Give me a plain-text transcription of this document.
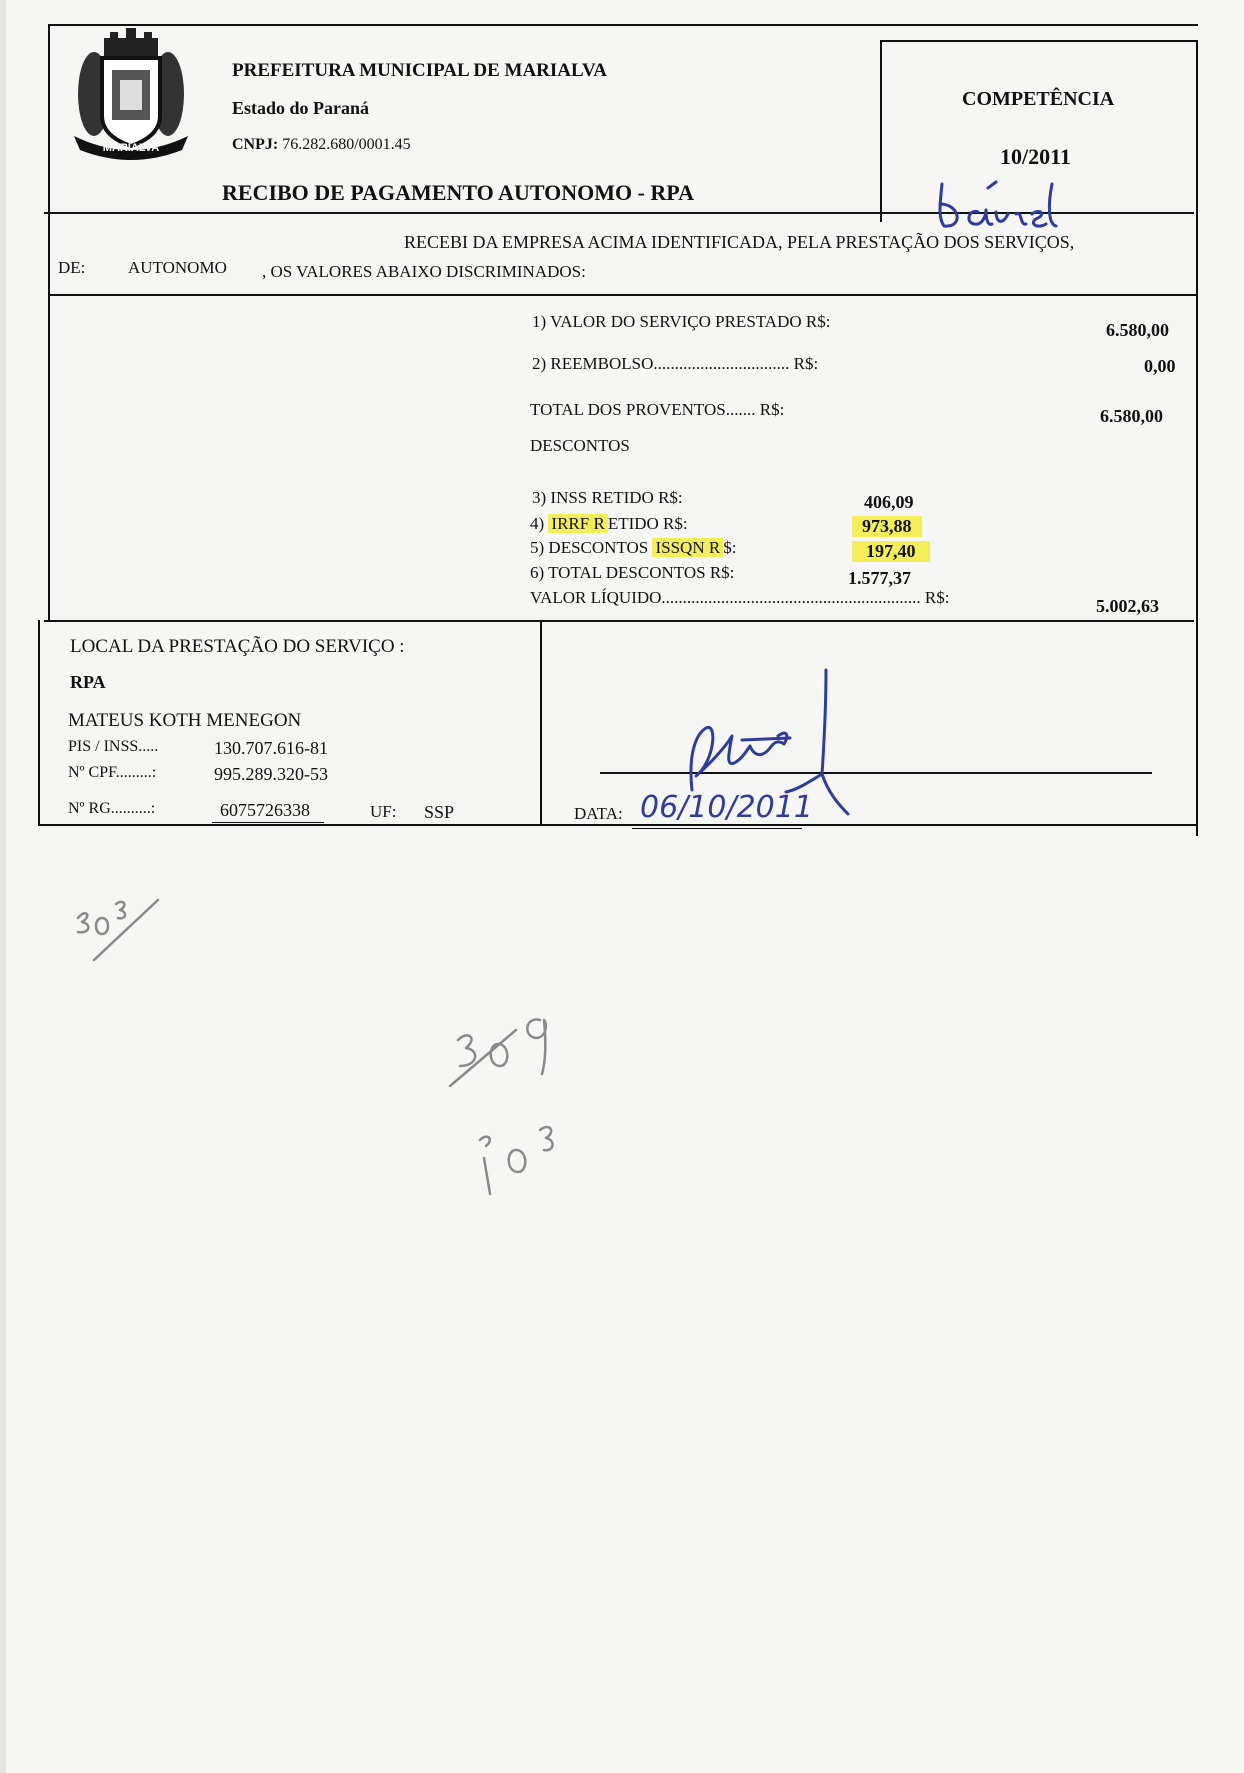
MARIALVA
PREFEITURA MUNICIPAL DE MARIALVA
Estado do Paraná
CNPJ: 76.282.680/0001.45
RECIBO DE PAGAMENTO AUTONOMO - RPA
COMPETÊNCIA
10/2011
RECEBI DA EMPRESA ACIMA IDENTIFICADA, PELA PRESTAÇÃO DOS SERVIÇOS,
DE:	AUTONOMO , OS VALORES ABAIXO DISCRIMINADOS:
1) VALOR DO SERVIÇO PRESTADO R$:	6.580,00
2) REEMBOLSO................................ R$:	0,00
TOTAL DOS PROVENTOS....... R$:	6.580,00
DESCONTOS
3) INSS RETIDO R$:	406,09
4) IRRF R ETIDO R$:	973,88
5) DESCONTOS ISSQN R $:	197,40
6) TOTAL DESCONTOS R$:	1.577,37
VALOR LÍQUIDO............................................................. R$:	5.002,63
LOCAL DA PRESTAÇÃO DO SERVIÇO :
RPA
MATEUS KOTH MENEGON
PIS / INSS.....	130.707.616-81
Nº CPF.........:	995.289.320-53
Nº RG..........:	6075726338	UF: SSP	DATA: 06/10/2011
